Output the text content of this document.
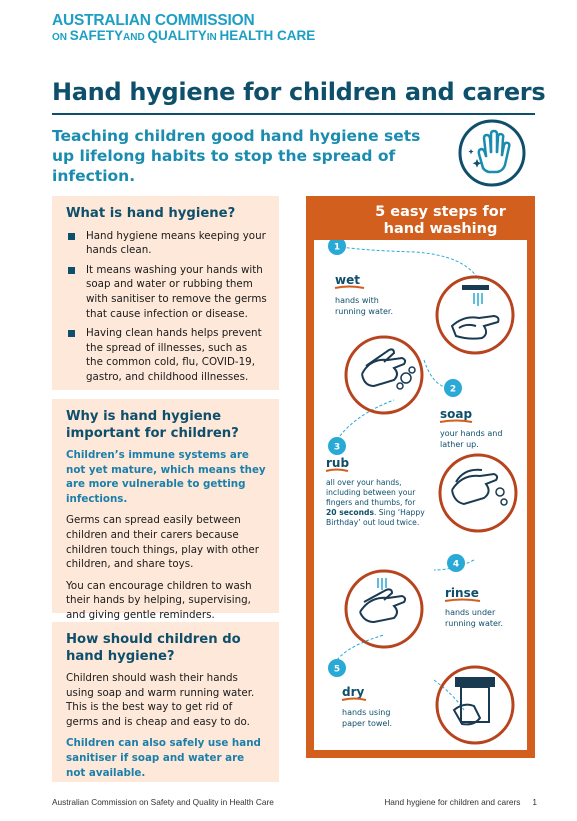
AUSTRALIAN COMMISSION
ON SAFETYAND QUALITYIN HEALTH CARE
Hand hygiene for children and carers
Teaching children good hand hygiene sets up lifelong habits to stop the spread of infection.
What is hand hygiene?
Hand hygiene means keeping your hands clean.
It means washing your hands with soap and water or rubbing them with sanitiser to remove the germs that cause infection or disease.
Having clean hands helps prevent the spread of illnesses, such as the common cold, flu, COVID-19, gastro, and childhood illnesses.
Why is hand hygiene important for children?

Children’s immune systems are not yet mature, which means they are more vulnerable to getting infections.

Germs can spread easily between children and their carers because children touch things, play with other children, and share toys.

You can encourage children to wash their hands by helping, supervising, and giving gentle reminders.

How should children do hand hygiene?

Children should wash their hands using soap and warm running water. This is the best way to get rid of germs and is cheap and easy to do.

Children can also safely use hand sanitiser if soap and water are not available.

5 easy steps for
hand washing
1
wet
hands with
running water.
2
soap
your hands and
lather up.
3
rub
all over your hands,
including between your
fingers and thumbs, for
20 seconds. Sing ‘Happy
Birthday’ out loud twice.
4
rinse
hands under
running water.
5
dry
hands using
paper towel.
Australian Commission on Safety and Quality in Health Care	Hand hygiene for children and carers 1
